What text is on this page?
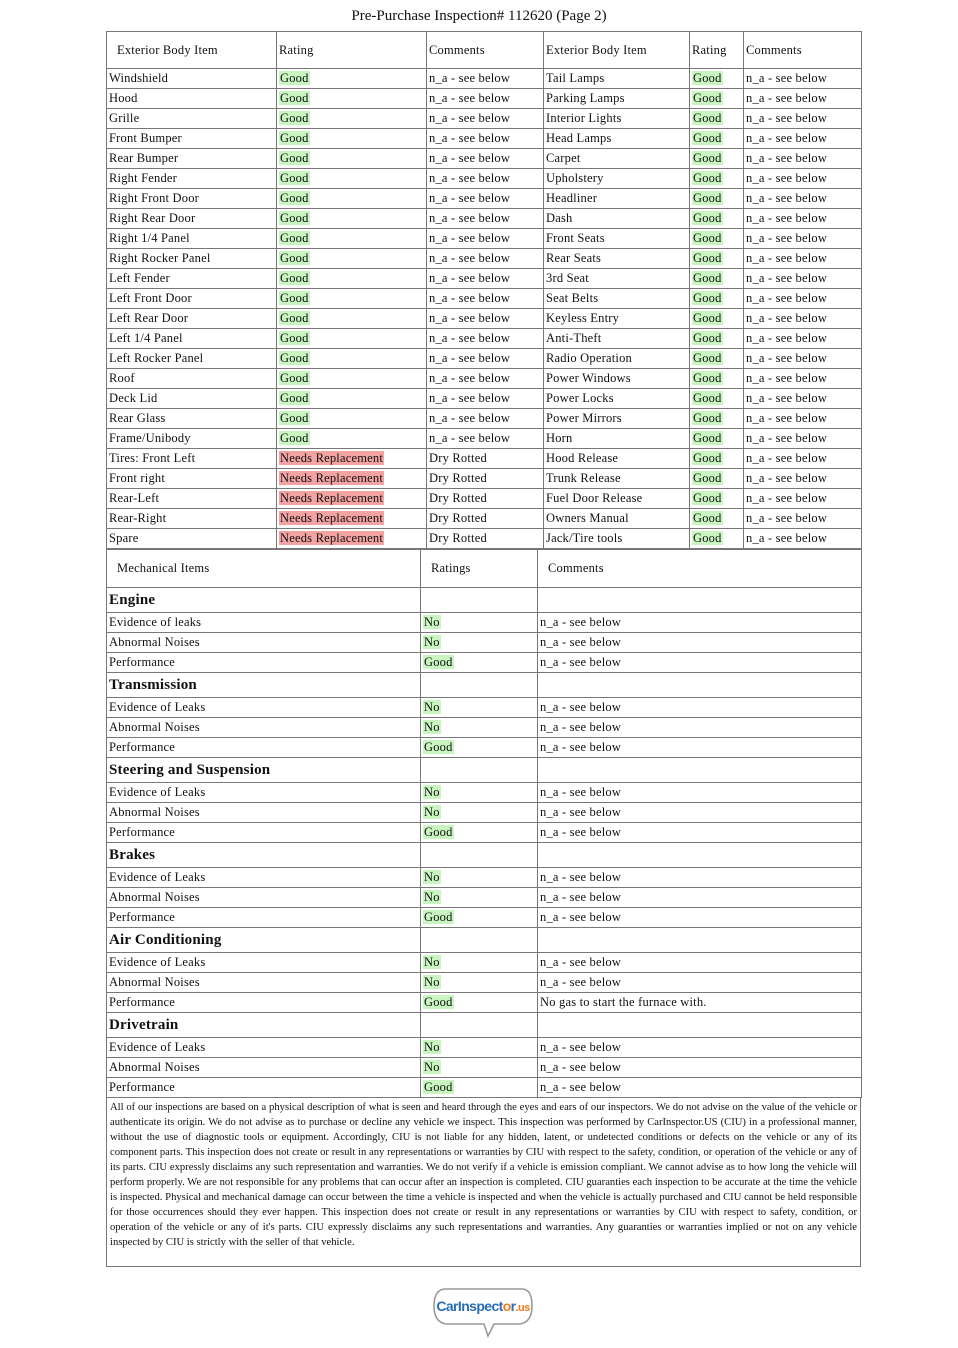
Pre-Purchase Inspection# 112620 (Page 2)
Exterior Body Item	Rating	Comments	Exterior Body Item	Rating	Comments
Windshield	Good	n_a - see below	Tail Lamps	Good	n_a - see below
Hood	Good	n_a - see below	Parking Lamps	Good	n_a - see below
Grille	Good	n_a - see below	Interior Lights	Good	n_a - see below
Front Bumper	Good	n_a - see below	Head Lamps	Good	n_a - see below
Rear Bumper	Good	n_a - see below	Carpet	Good	n_a - see below
Right Fender	Good	n_a - see below	Upholstery	Good	n_a - see below
Right Front Door	Good	n_a - see below	Headliner	Good	n_a - see below
Right Rear Door	Good	n_a - see below	Dash	Good	n_a - see below
Right 1/4 Panel	Good	n_a - see below	Front Seats	Good	n_a - see below
Right Rocker Panel	Good	n_a - see below	Rear Seats	Good	n_a - see below
Left Fender	Good	n_a - see below	3rd Seat	Good	n_a - see below
Left Front Door	Good	n_a - see below	Seat Belts	Good	n_a - see below
Left Rear Door	Good	n_a - see below	Keyless Entry	Good	n_a - see below
Left 1/4 Panel	Good	n_a - see below	Anti-Theft	Good	n_a - see below
Left Rocker Panel	Good	n_a - see below	Radio Operation	Good	n_a - see below
Roof	Good	n_a - see below	Power Windows	Good	n_a - see below
Deck Lid	Good	n_a - see below	Power Locks	Good	n_a - see below
Rear Glass	Good	n_a - see below	Power Mirrors	Good	n_a - see below
Frame/Unibody	Good	n_a - see below	Horn	Good	n_a - see below
Tires: Front Left	Needs Replacement	Dry Rotted	Hood Release	Good	n_a - see below
Front right	Needs Replacement	Dry Rotted	Trunk Release	Good	n_a - see below
Rear-Left	Needs Replacement	Dry Rotted	Fuel Door Release	Good	n_a - see below
Rear-Right	Needs Replacement	Dry Rotted	Owners Manual	Good	n_a - see below
Spare	Needs Replacement	Dry Rotted	Jack/Tire tools	Good	n_a - see below
Mechanical Items	Ratings	Comments
Engine		
Evidence of leaks	No	n_a - see below
Abnormal Noises	No	n_a - see below
Performance	Good	n_a - see below
Transmission		
Evidence of Leaks	No	n_a - see below
Abnormal Noises	No	n_a - see below
Performance	Good	n_a - see below
Steering and Suspension		
Evidence of Leaks	No	n_a - see below
Abnormal Noises	No	n_a - see below
Performance	Good	n_a - see below
Brakes		
Evidence of Leaks	No	n_a - see below
Abnormal Noises	No	n_a - see below
Performance	Good	n_a - see below
Air Conditioning		
Evidence of Leaks	No	n_a - see below
Abnormal Noises	No	n_a - see below
Performance	Good	No gas to start the furnace with.
Drivetrain		
Evidence of Leaks	No	n_a - see below
Abnormal Noises	No	n_a - see below
Performance	Good	n_a - see below
All of our inspections are based on a physical description of what is seen and heard through the eyes and ears of our inspectors. We do not advise on the value of the vehicle or authenticate its origin. We do not advise as to purchase or decline any vehicle we inspect. This inspection was performed by CarInspector.US (CIU) in a professional manner, without the use of diagnostic tools or equipment. Accordingly, CIU is not liable for any hidden, latent, or undetected conditions or defects on the vehicle or any of its component parts. This inspection does not create or result in any representations or warranties by CIU with respect to the safety, condition, or operation of the vehicle or any of its parts. CIU expressly disclaims any such representation and warranties. We do not verify if a vehicle is emission compliant. We cannot advise as to how long the vehicle will perform properly. We are not responsible for any problems that can occur after an inspection is completed. CIU guaranties each inspection to be accurate at the time the vehicle is inspected. Physical and mechanical damage can occur between the time a vehicle is inspected and when the vehicle is actually purchased and CIU cannot be held responsible for those occurrences should they ever happen. This inspection does not create or result in any representations or warranties by CIU with respect to safety, condition, or operation of the vehicle or any of it's parts. CIU expressly disclaims any such representations and warranties. Any guaranties or warranties implied or not on any vehicle inspected by CIU is strictly with the seller of that vehicle.
CarInspector.us
